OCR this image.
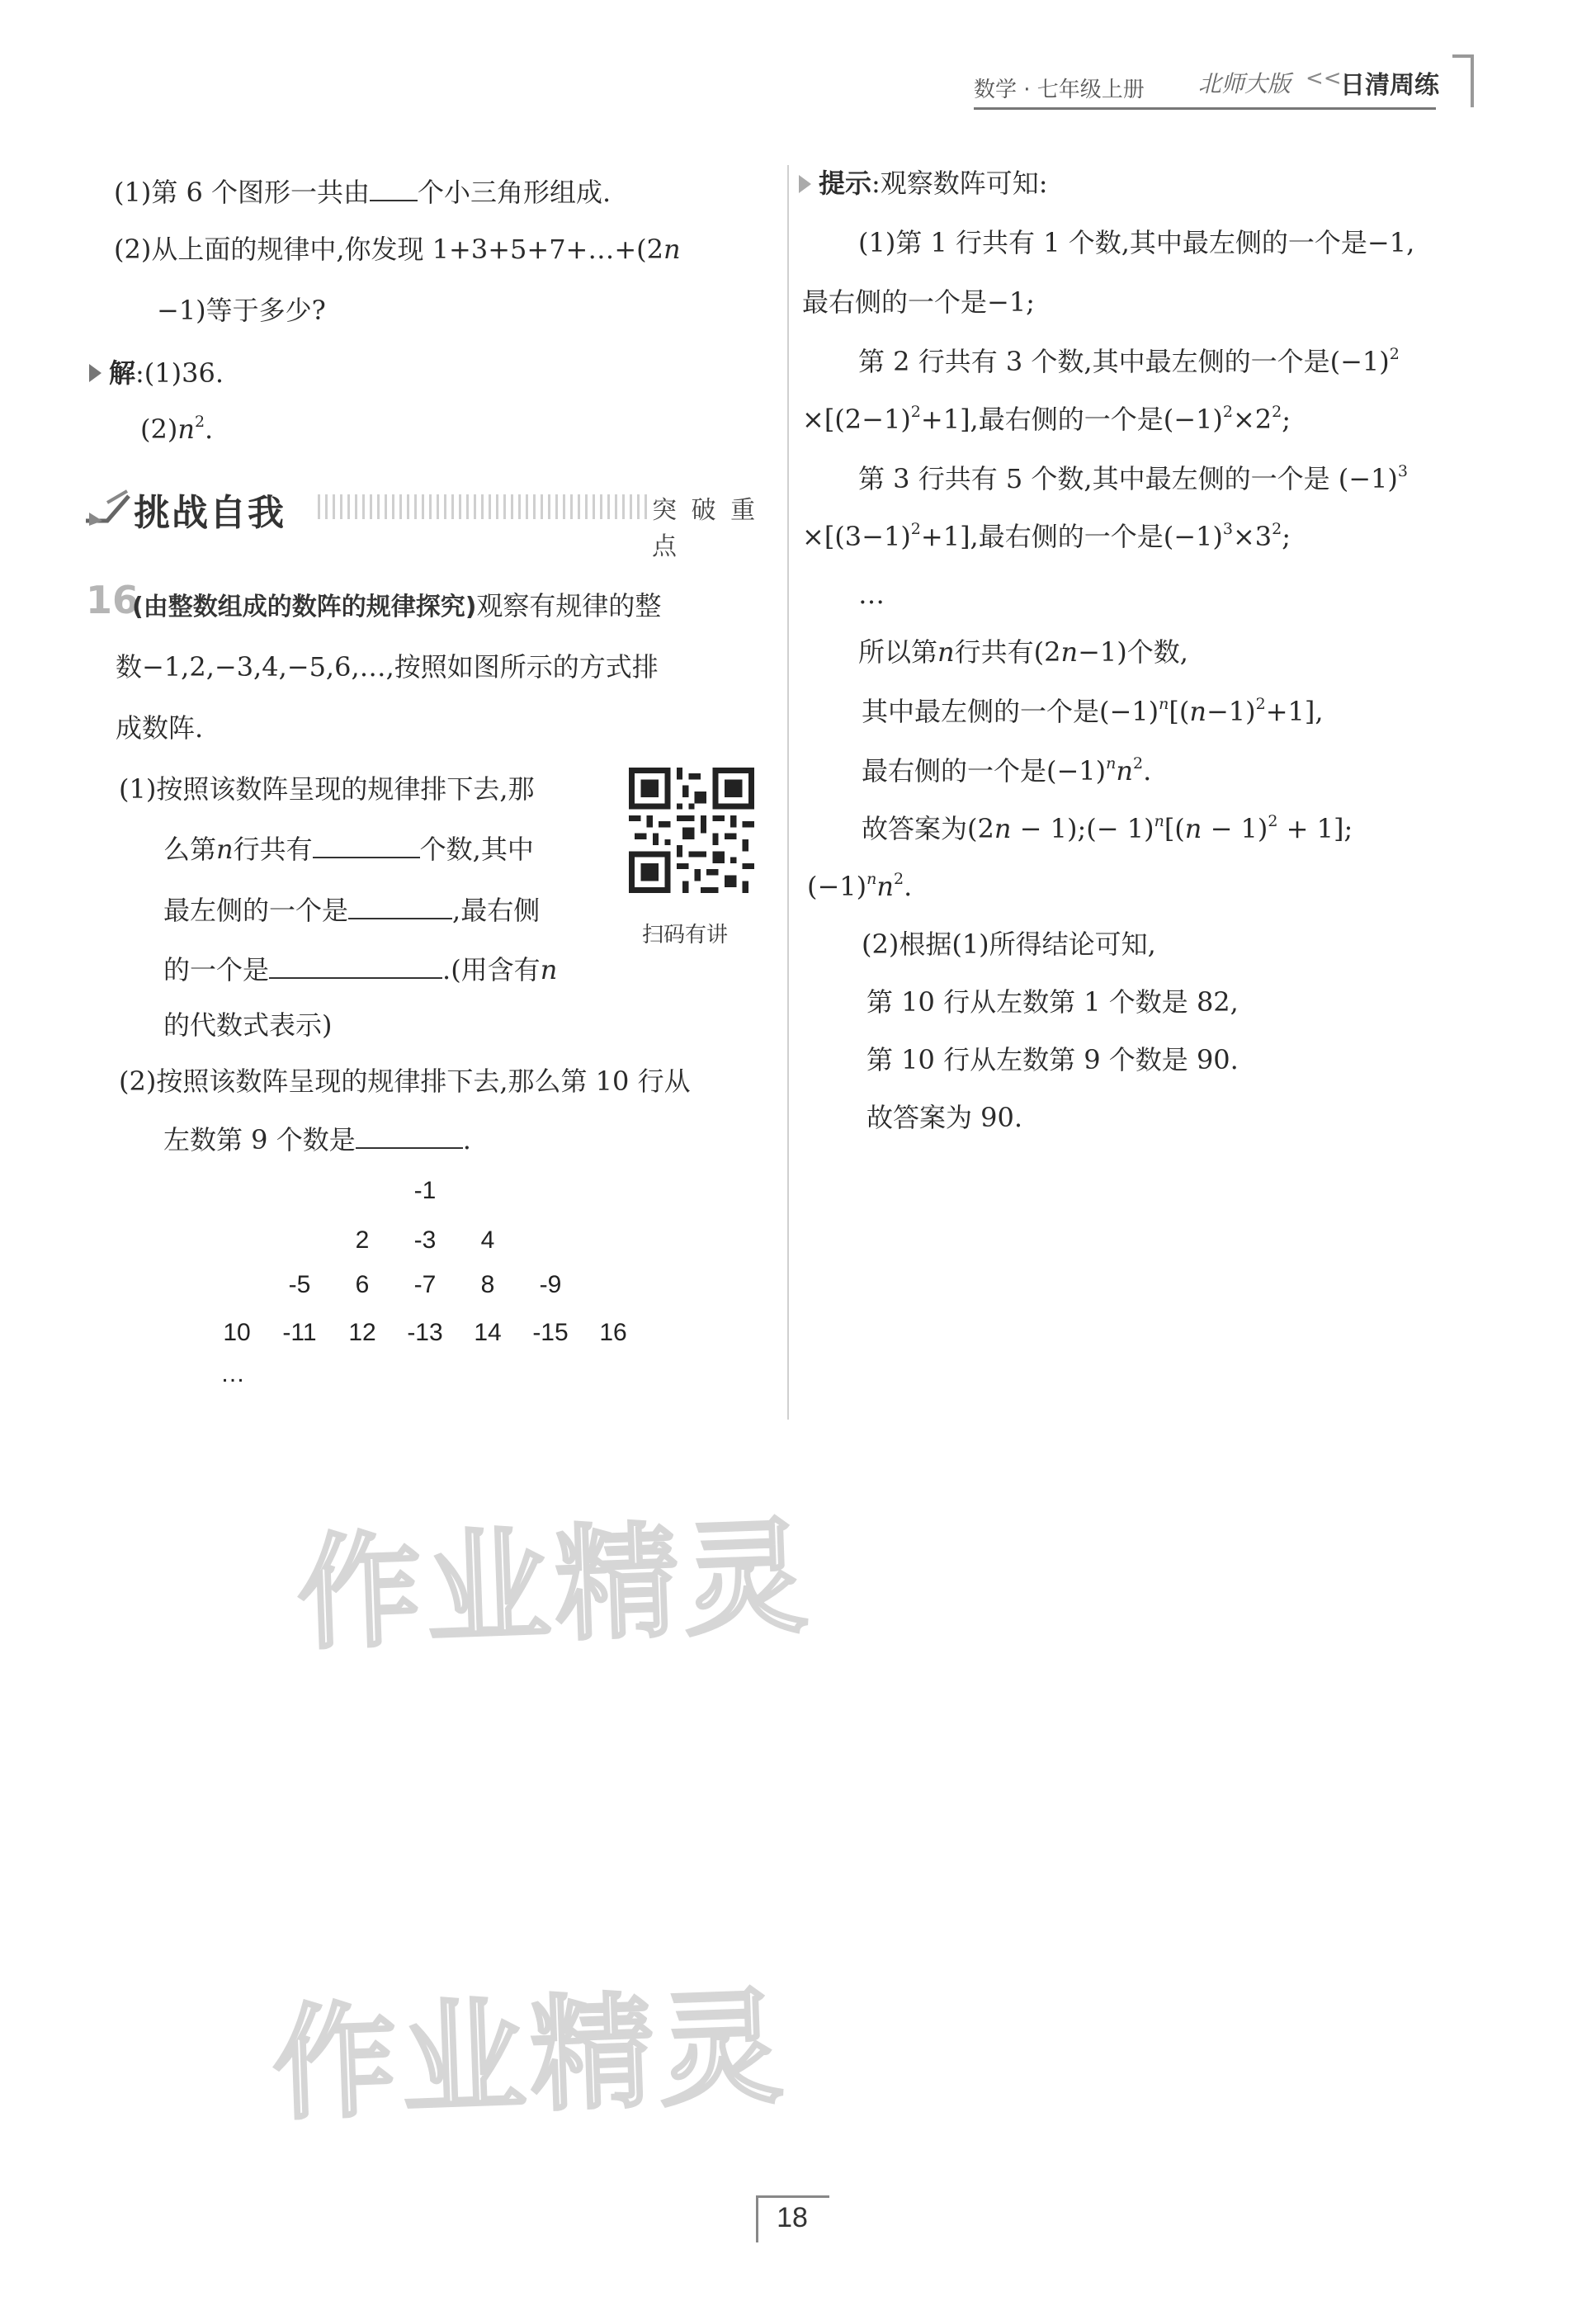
数学 · 七年级上册 北师大版 <<
日清周练
(1)第 6 个图形一共由 个小三角形组成.
(2)从上面的规律中,你发现 1+3+5+7+…+(2n
−1)等于多少?
解:(1)36.
$(2)n^2$.
挑战自我	突 破 重 点
16
(由整数组成的数阵的规律探究)观察有规律的整
数−1,2,−3,4,−5,6,…,按照如图所示的方式排
成数阵.
(1)按照该数阵呈现的规律排下去,那
么第n行共有	个数,其中
最左侧的一个是	,最右侧
的一个是	.(用含有n
的代数式表示)
扫码有讲
(2)按照该数阵呈现的规律排下去,那么第 10 行从
左数第 9 个数是	.
-1
2	-3	4
-5	6	-7	8	-9
10	-11	12	-13	14	-15	16
…
提示:观察数阵可知:
(1)第 1 行共有 1 个数,其中最左侧的一个是−1,
最右侧的一个是−1;
第 2 行共有 3 个数,其中最左侧的一个是$(-1)^2$
$\times[(2-1)^2+1]$,最右侧的一个是$(-1)^2\times 2^2$;
第 3 行共有 5 个数,其中最左侧的一个是 $(-1)^3$
$\times[(3-1)^2+1]$,最右侧的一个是$(-1)^3\times 3^2$;
…
所以第n行共有(2n−1)个数,
其中最左侧的一个是$(-1)^n[(n-1)^2+1]$,
最右侧的一个是$(-1)^nn^2$.
故答案为(2n − 1);(− $1)^n[(n - 1)^2 + 1]$;
$(-1)^nn^2$.
(2)根据(1)所得结论可知,
第 10 行从左数第 1 个数是 82,
第 10 行从左数第 9 个数是 90.
故答案为 90.
作业精灵
作业精灵
18
